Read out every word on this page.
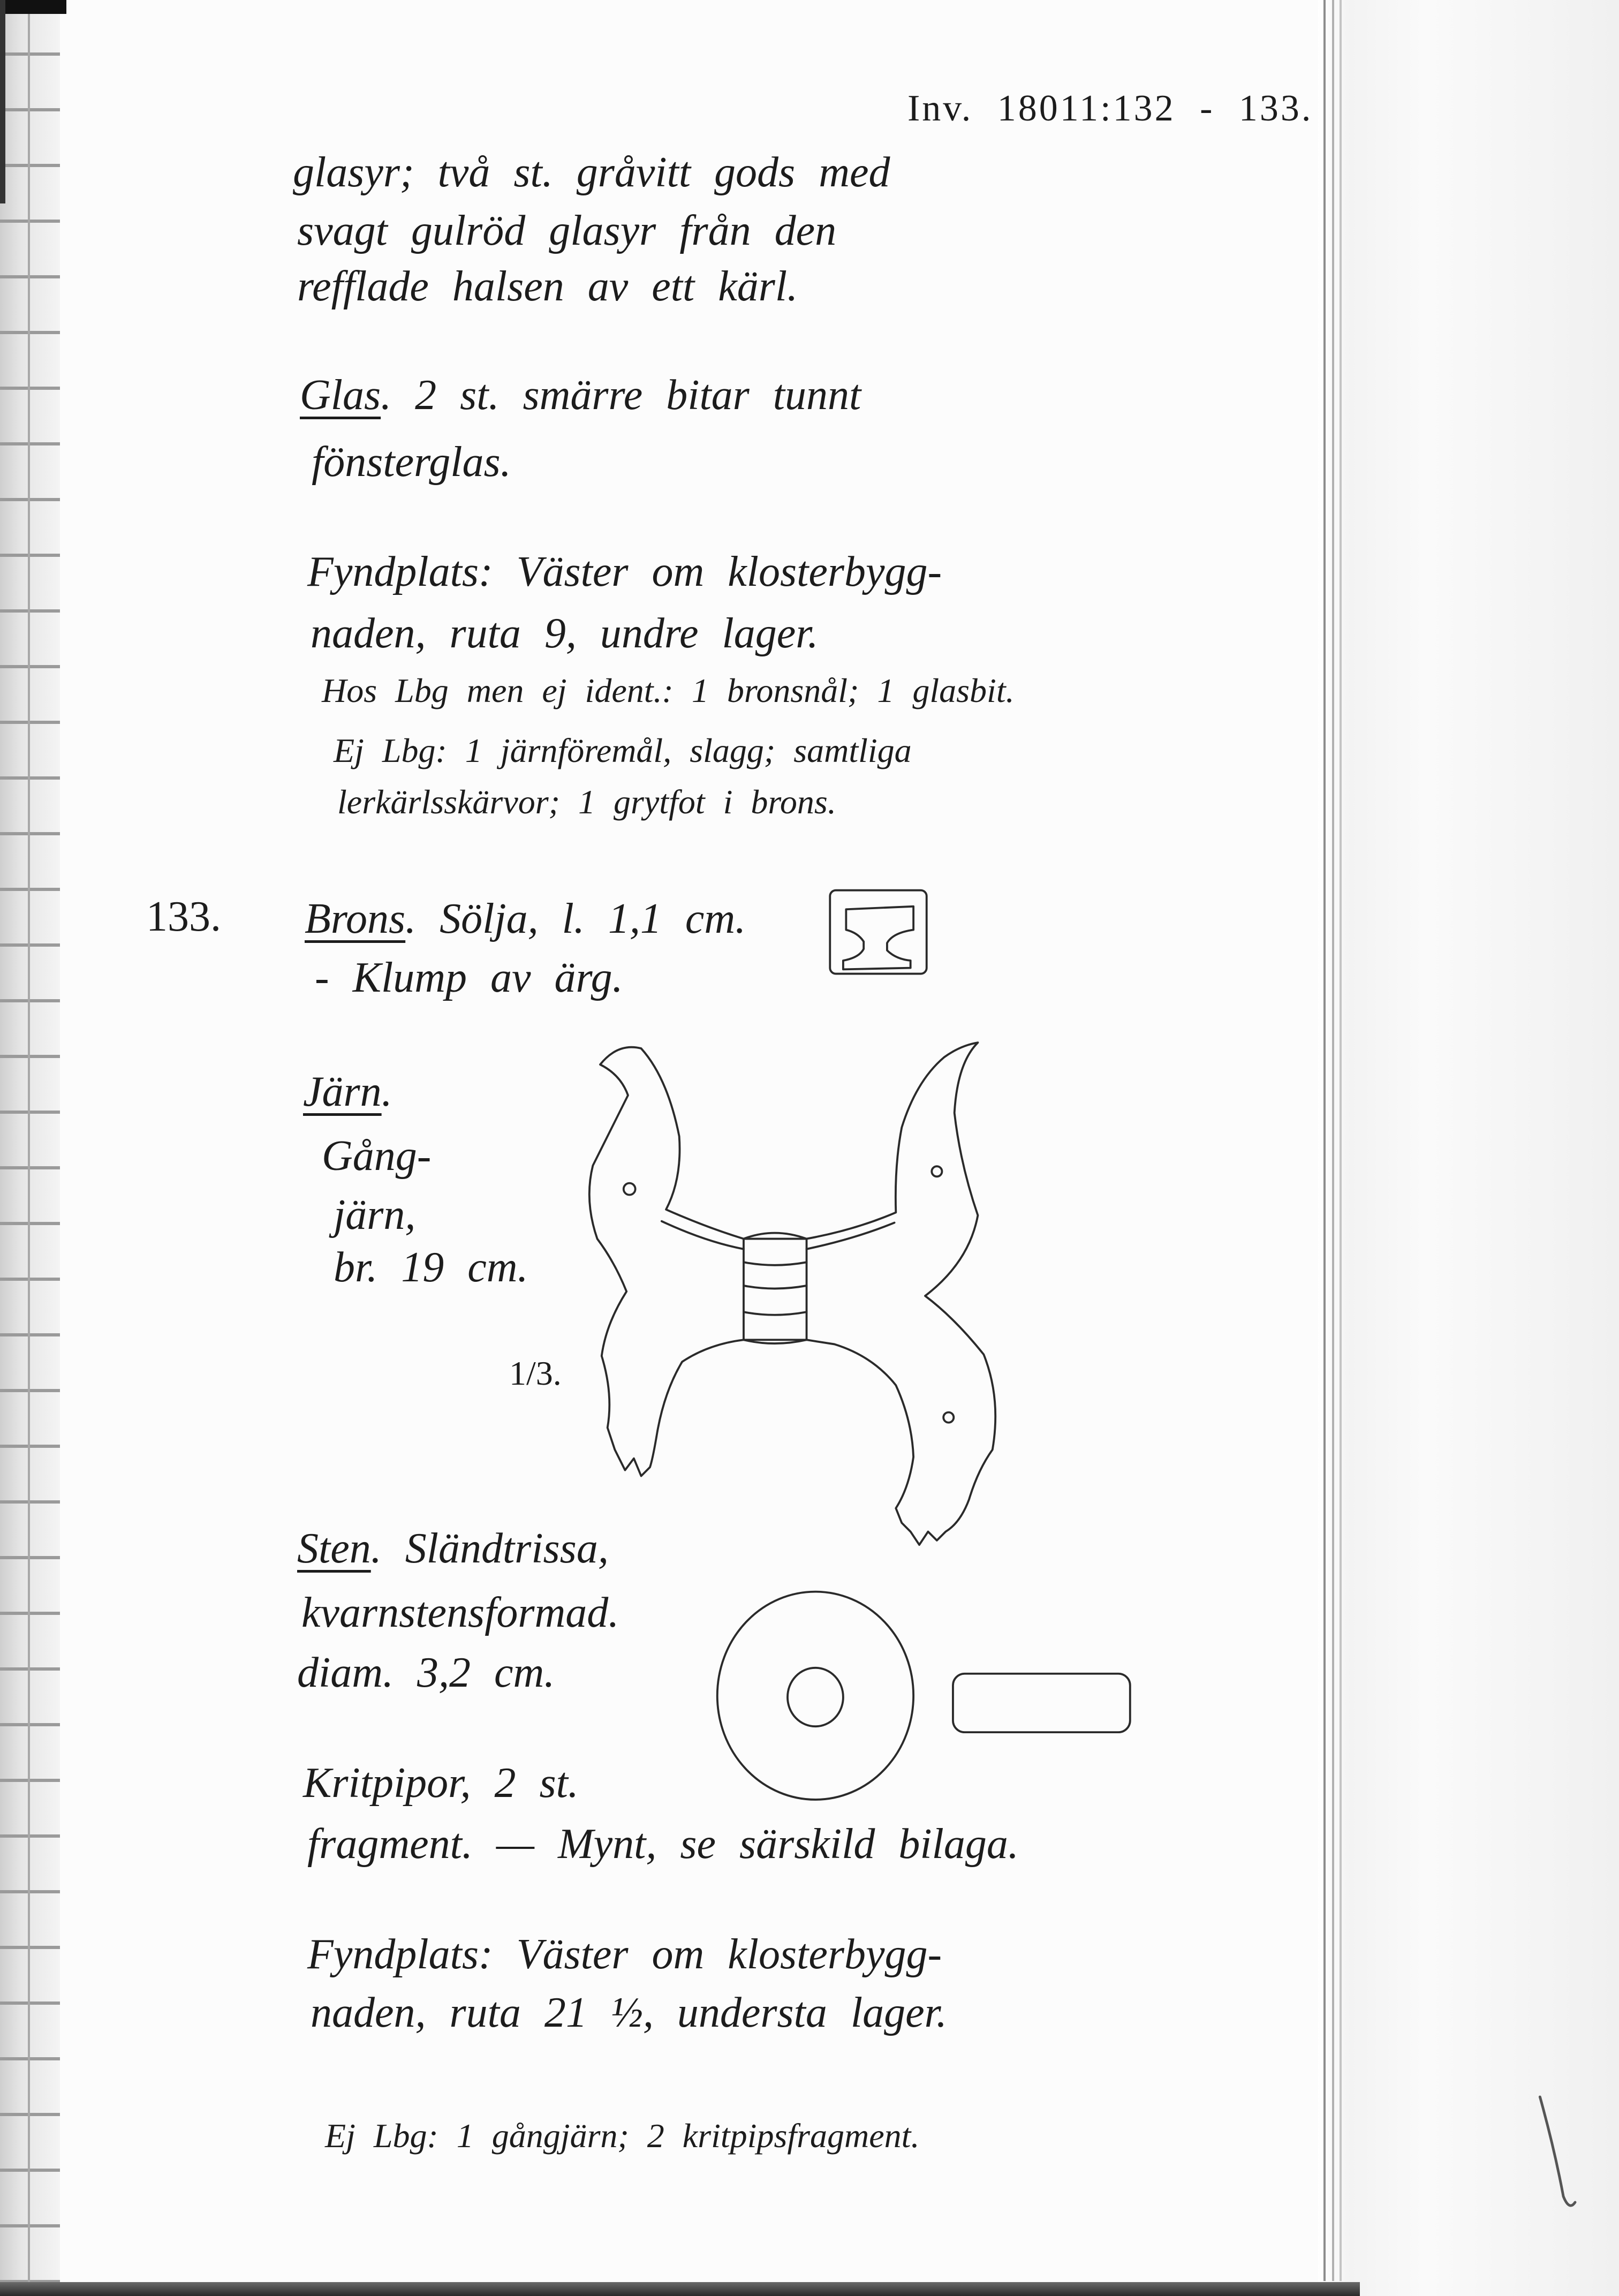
Inv. 18011:132 - 133.
glasyr; två st. gråvitt gods med
svagt gulröd glasyr från den
refflade halsen av ett kärl.
Glas. 2 st. smärre bitar tunnt
fönsterglas.
Fyndplats: Väster om klosterbygg-
naden, ruta 9, undre lager.
Hos Lbg men ej ident.: 1 bronsnål; 1 glasbit.
Ej Lbg: 1 järnföremål, slagg; samtliga
lerkärlsskärvor; 1 grytfot i brons.
133. Brons. Sölja, l. 1,1 cm.
- Klump av ärg.
Järn.
Gång-
järn,
br. 19 cm.
1/3.
Sten. Sländtrissa,
kvarnstensformad.
diam. 3,2 cm.
Kritpipor, 2 st.
fragment. — Mynt, se särskild bilaga.
Fyndplats: Väster om klosterbygg-
naden, ruta 21 ½, understa lager.
Ej Lbg: 1 gångjärn; 2 kritpipsfragment.
